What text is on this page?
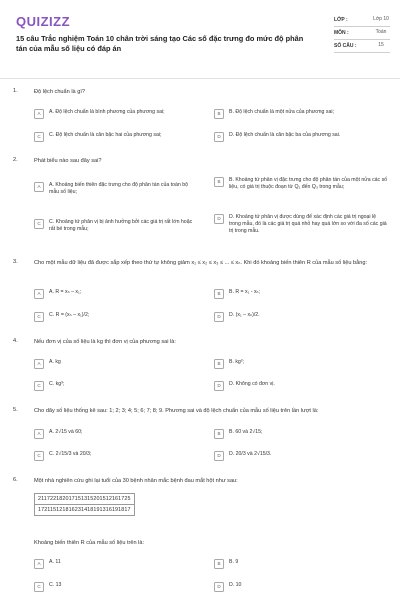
QUIZIZZ
15 câu Trắc nghiệm Toán 10 chân trời sáng tạo Các số đặc trưng đo mức độ phân tán của mẫu số liệu có đáp án
LỚP :	Lớp 10
MÔN :	Toán
SỐ CÂU :	15
1.	Độ lệch chuẩn là gì?
A	A. Độ lệch chuẩn là bình phương của phương sai;	B	B. Độ lệch chuẩn là một nửa của phương sai;
C	C. Độ lệch chuẩn là căn bậc hai của phương sai;	D	D. Độ lệch chuẩn là căn bậc ba của phương sai.
2.	Phát biểu nào sau đây sai?
A	A. Khoảng biến thiên đặc trưng cho độ phân tán của toàn bộ mẫu số liệu;
B	B. Khoảng tứ phân vị đặc trưng cho độ phân tán của một nửa các số liệu, có giá trị thuộc đoạn từ Q₁ đến Q₃ trong mẫu;
C	C. Khoảng tứ phân vị bị ảnh hưởng bởi các giá trị rất lớn hoặc rất bé trong mẫu;
D	D. Khoảng tứ phân vị được dùng để xác định các giá trị ngoại lệ trong mẫu, đó là các giá trị quá nhỏ hay quá lớn so với đa số các giá trị trong mẫu.
3.	Cho một mẫu dữ liệu đã được sắp xếp theo thứ tự không giảm x₁ ≤ x₂ ≤ x₃ ≤ ... ≤ xₙ. Khi đó khoảng biến thiên R của mẫu số liệu bằng:
A	A. R = xₙ – x₁;	B	B. R = x₁ - xₙ;
C	C. R = (xₙ – x₁)/2;	D	D. (x₁ – xₙ)/2.
4.	Nếu đơn vị của số liệu là kg thì đơn vị của phương sai là:
A	A. kg	B	B. kg²;
C	C. kg³;	D	D. Không có đơn vị.
5.	Cho dãy số liệu thống kê sau: 1; 2; 3; 4; 5; 6; 7; 8; 9. Phương sai và độ lệch chuẩn của mẫu số liệu trên lần lượt là:
A	A. 2√15 và 60;	B	B. 60 và 2√15;
C	C. 2√15/3 và 20/3;	D	D. 20/3 và 2√15/3.
6.	Một nhà nghiên cứu ghi lại tuổi của 30 bệnh nhân mắc bệnh đau mắt hột như sau:
21172218201715131520151216172​5
17211512181623141819131619181​7
Khoảng biến thiên R của mẫu số liệu trên là:
A	A. 11	B	B. 9
C	C. 13	D	D. 10
